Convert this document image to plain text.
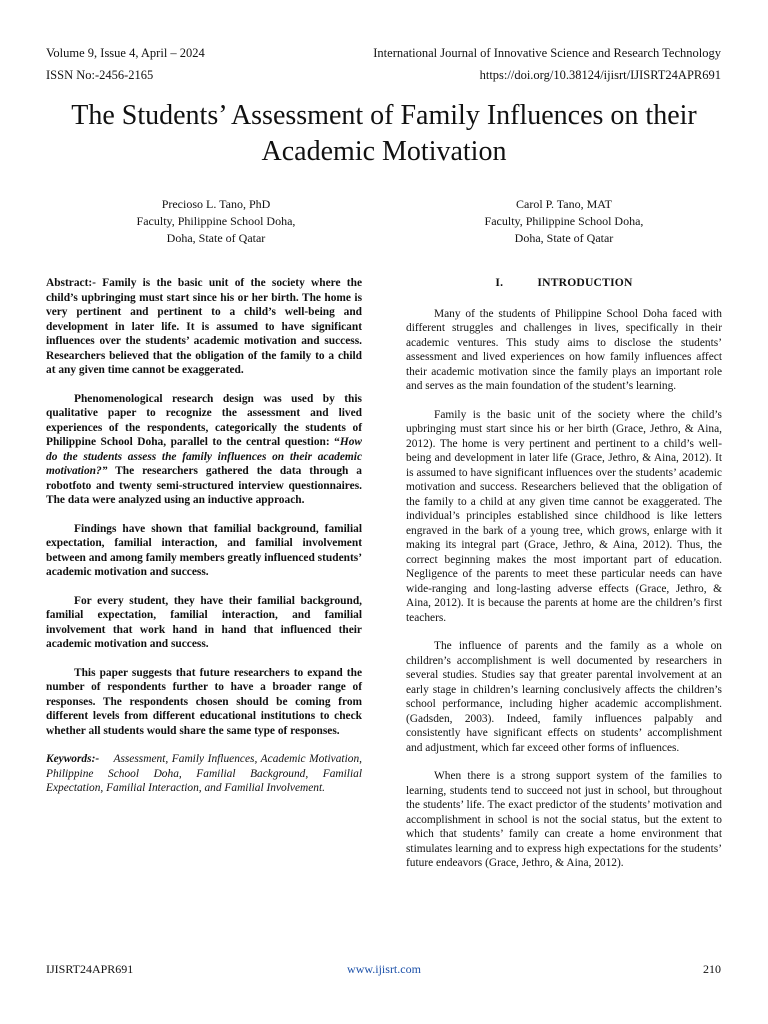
Volume 9, Issue 4, April – 2024	International Journal of Innovative Science and Research Technology
ISSN No:-2456-2165	https://doi.org/10.38124/ijisrt/IJISRT24APR691
The Students’ Assessment of Family Influences on their Academic Motivation
Precioso L. Tano, PhD
Faculty, Philippine School Doha,
Doha, State of Qatar
Carol P. Tano, MAT
Faculty, Philippine School Doha,
Doha, State of Qatar

Abstract:- Family is the basic unit of the society where the child’s upbringing must start since his or her birth. The home is very pertinent and pertinent to a child’s well-being and development in later life. It is assumed to have significant influences over the students’ academic motivation and success. Researchers believed that the obligation of the family to a child at any given time cannot be exaggerated.

Phenomenological research design was used by this qualitative paper to recognize the assessment and lived experiences of the respondents, categorically the students of Philippine School Doha, parallel to the central question: “How do the students assess the family influences on their academic motivation?” The researchers gathered the data through a robotfoto and twenty semi-structured interview questionnaires. The data were analyzed using an inductive approach.

Findings have shown that familial background, familial expectation, familial interaction, and familial involvement between and among family members greatly influenced students’ academic motivation and success.

For every student, they have their familial background, familial expectation, familial interaction, and familial involvement that work hand in hand that influenced their academic motivation and success.

This paper suggests that future researchers to expand the number of respondents further to have a broader range of responses. The respondents chosen should be coming from different levels from different educational institutions to check whether all students would share the same type of responses.

Keywords:- Assessment, Family Influences, Academic Motivation, Philippine School Doha, Familial Background, Familial Expectation, Familial Interaction, and Familial Involvement.

I.	INTRODUCTION

Many of the students of Philippine School Doha faced with different struggles and challenges in lives, specifically in their academic ventures. This study aims to disclose the students’ assessment and lived experiences on how family influences affect their academic motivation since the family plays an important role and serves as the main foundation of the student’s learning.

Family is the basic unit of the society where the child’s upbringing must start since his or her birth (Grace, Jethro, & Aina, 2012). The home is very pertinent and pertinent to a child’s well-being and development in later life (Grace, Jethro, & Aina, 2012). It is assumed to have significant influences over the students’ academic motivation and success. Researchers believed that the obligation of the family to a child at any given time cannot be exaggerated. The individual’s principles established since childhood is like letters engraved in the bark of a young tree, which grows, enlarge with it making its integral part (Grace, Jethro, & Aina, 2012). Thus, the correct beginning makes the most important part of education. Negligence of the parents to meet these particular needs can have wide-ranging and long-lasting adverse effects (Grace, Jethro, & Aina, 2012). It is because the parents at home are the children’s first teachers.

The influence of parents and the family as a whole on children’s accomplishment is well documented by researchers in several studies. Studies say that greater parental involvement at an early stage in children’s learning conclusively affects the children’s school performance, including higher academic accomplishment. (Gadsden, 2003). Indeed, family influences palpably and consistently have significant effects on students’ accomplishment and adjustment, which far exceed other forms of influences.

When there is a strong support system of the families to learning, students tend to succeed not just in school, but throughout the students’ life. The exact predictor of the students’ motivation and accomplishment in school is not the social status, but the extent to which that students’ family can create a home environment that stimulates learning and to express high expectations for the students’ future endeavors (Grace, Jethro, & Aina, 2012).

IJISRT24APR691	www.ijisrt.com	210
